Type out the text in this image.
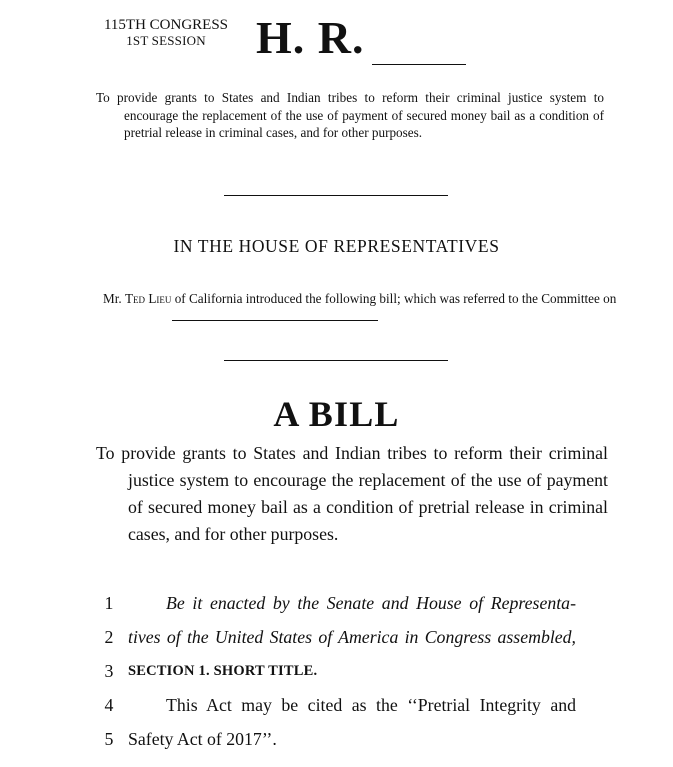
115TH CONGRESS
1ST SESSION	H. R.
To provide grants to States and Indian tribes to reform their criminal justice system to encourage the replacement of the use of payment of secured money bail as a condition of pretrial release in criminal cases, and for other purposes.
IN THE HOUSE OF REPRESENTATIVES
Mr. Ted Lieu of California introduced the following bill; which was referred to the Committee on
A BILL
To provide grants to States and Indian tribes to reform their criminal justice system to encourage the replacement of the use of payment of secured money bail as a condition of pretrial release in criminal cases, and for other purposes.
1	Be it enacted by the Senate and House of Representa-
2 tives of the United States of America in Congress assembled,
3	SECTION 1. SHORT TITLE.
4	This Act may be cited as the ‘‘Pretrial Integrity and
5 Safety Act of 2017’’.
